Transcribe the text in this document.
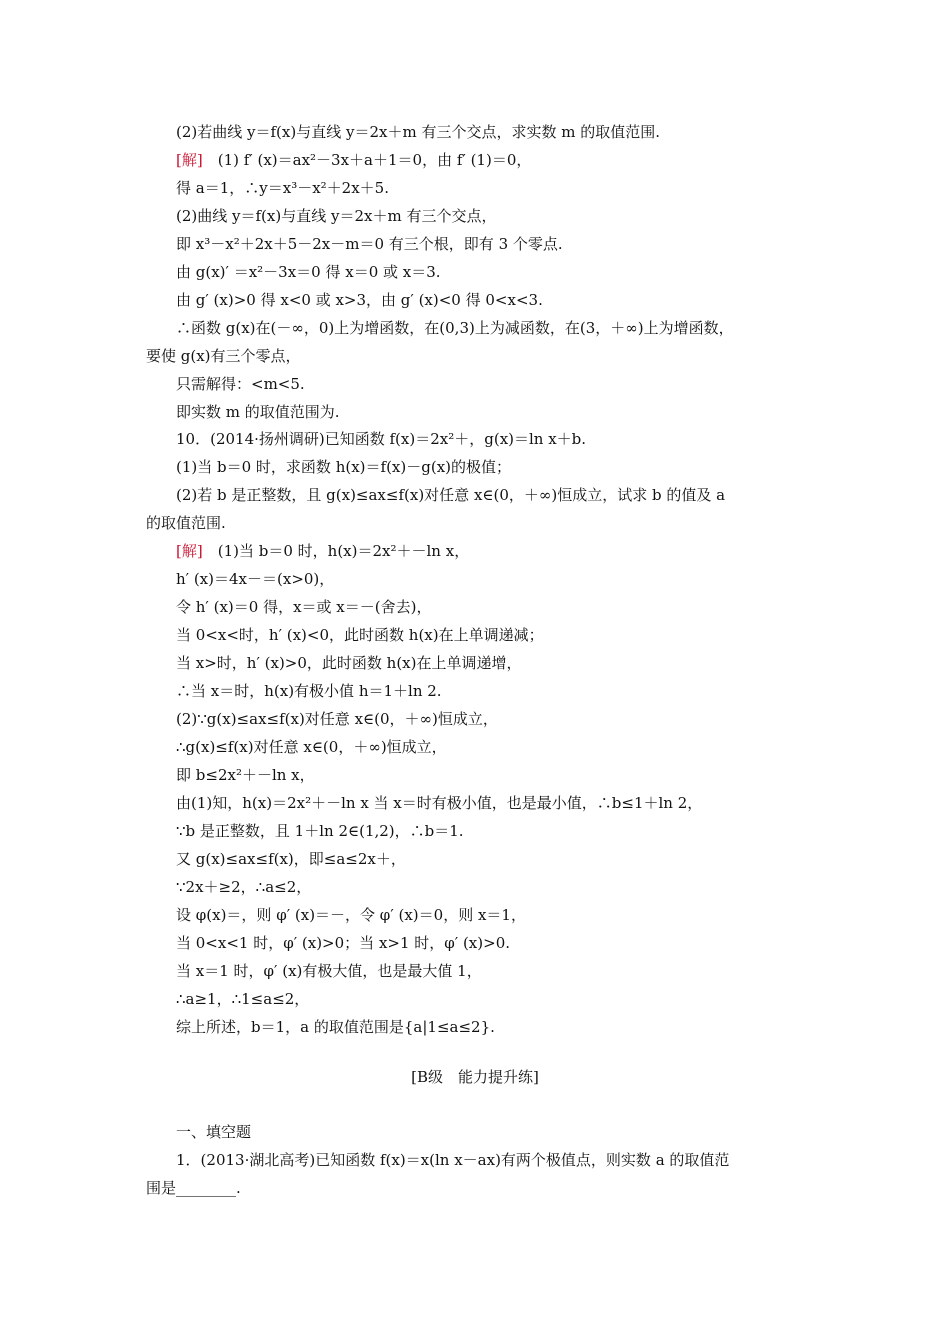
(2)若曲线 y＝f(x)与直线 y＝2x＋m 有三个交点，求实数 m 的取值范围.
[解]　 (1) f′ (x)＝ax²－3x＋a＋1＝0，由 f′ (1)＝0，
得 a＝1，∴y＝x³－x²＋2x＋5.
(2)曲线 y＝f(x)与直线 y＝2x＋m 有三个交点，
即 x³－x²＋2x＋5－2x－m＝0 有三个根，即有 3 个零点.
由 g(x)′ ＝x²－3x＝0 得 x＝0 或 x＝3.
由 g′ (x)>0 得 x<0 或 x>3，由 g′ (x)<0 得 0<x<3.
∴函数 g(x)在(－∞，0)上为增函数，在(0,3)上为减函数，在(3，＋∞)上为增函数，
要使 g(x)有三个零点，
只需解得：<m<5.
即实数 m 的取值范围为.
10．(2014·扬州调研)已知函数 f(x)＝2x²＋，g(x)＝ln x＋b.
(1)当 b＝0 时，求函数 h(x)＝f(x)－g(x)的极值；
(2)若 b 是正整数，且 g(x)≤ax≤f(x)对任意 x∈(0，＋∞)恒成立，试求 b 的值及 a
的取值范围.
[解]　 (1)当 b＝0 时，h(x)＝2x²＋－ln x，
h′ (x)＝4x－＝(x>0)，
令 h′ (x)＝0 得，x＝或 x＝－(舍去)，
当 0<x<时，h′ (x)<0，此时函数 h(x)在上单调递减；
当 x>时，h′ (x)>0，此时函数 h(x)在上单调递增，
∴当 x＝时，h(x)有极小值 h＝1＋ln 2.
(2)∵g(x)≤ax≤f(x)对任意 x∈(0，＋∞)恒成立，
∴g(x)≤f(x)对任意 x∈(0，＋∞)恒成立，
即 b≤2x²＋－ln x，
由(1)知，h(x)＝2x²＋－ln x 当 x＝时有极小值，也是最小值，∴b≤1＋ln 2，
∵b 是正整数，且 1＋ln 2∈(1,2)，∴b＝1.
又 g(x)≤ax≤f(x)，即≤a≤2x＋，
∵2x＋≥2，∴a≤2，
设 φ(x)＝，则 φ′ (x)＝－，令 φ′ (x)＝0，则 x＝1，
当 0<x<1 时，φ′ (x)>0；当 x>1 时，φ′ (x)>0.
当 x＝1 时，φ′ (x)有极大值，也是最大值 1，
∴a≥1，∴1≤a≤2，
综上所述，b＝1，a 的取值范围是{a|1≤a≤2}.
[B级　能力提升练]
一、填空题
1．(2013·湖北高考)已知函数 f(x)＝x(ln x－ax)有两个极值点，则实数 a 的取值范
围是________.
